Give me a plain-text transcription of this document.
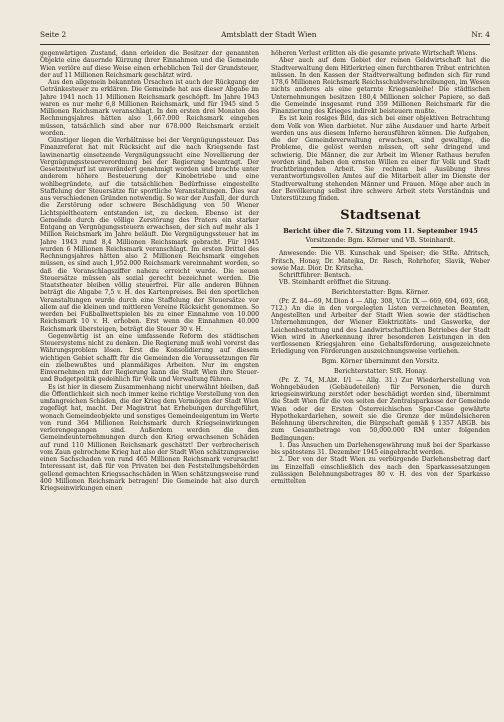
Seite 2	Amtsblatt der Stadt Wien	Nr. 4

gegenwärtigen Zustand, dann erleiden die Besitzer der genannten Objekte eine dauernde Kürzung ihrer Einnahmen und die Gemeinde Wien verlöre auf diese Weise einen erheblichen Teil der Grundsteuer, der auf 11 Millionen Reichsmark geschätzt wird.

Aus den allgemein bekannten Ursachen ist auch der Rückgang der Getränkesteuer zu erklären. Die Gemeinde hat aus dieser Abgabe im Jahre 1941 noch 11 Millionen Reichsmark geschöpft. Im Jahre 1943 waren es nur mehr 6,8 Millionen Reichsmark, und für 1945 sind 5 Millionen Reichsmark veranschlagt. In den ersten drei Monaten des Rechnungsjahres hätten also 1,667.000 Reichsmark eingehen müssen, tatsächlich sind aber nur 678.000 Reichsmark erzielt worden.

Günstiger liegen die Verhältnisse bei der Vergnügungssteuer. Das Finanzreferat hat mit Rücksicht auf die nach Kriegsende fast lawinenartig einsetzende Vergnügungssucht eine Novellierung der Vergnügungssteuerverordnung bei der Regierung beantragt. Der Gesetzentwurf ist unverändert genehmigt worden und brachte unter anderem höhere Besteuerung der Kinobetriebe und eine wohlbegründete, auf die tatsächlichen Bedürfnisse eingestellte Staffelung der Steuersätze für sportliche Veranstaltungen. Dies war aus verschiedenen Gründen notwendig. So war der Ausfall, der durch die Zerstörung oder schwere Beschädigung von 50 Wiener Lichtspieltheatern entstanden ist, zu decken. Ebenso ist der Gemeinde durch die völlige Zerstörung des Praters ein starker Entgang an Vergnügungssteuern erwachsen, der sich auf mehr als 1 Million Reichsmark im Jahre beläuft. Die Vergnügungssteuer hat im Jahre 1943 rund 8,4 Millionen Reichsmark gebracht. Für 1945 wurden 6 Millionen Reichsmark veranschlagt. Im ersten Drittel des Rechnungsjahres hätten also 2 Millionen Reichsmark eingehen müssen, es sind auch 1,952.000 Reichsmark vereinnahmt worden, so daß die Voranschlagsziffer nahezu erreicht wurde. Die neuen Steuersätze müssen als sozial gerecht bezeichnet werden. Die Staatstheater bleiben völlig steuerfrei. Für alle anderen Bühnen beträgt die Abgabe 7,5 v. H. des Kartenpreises. Bei den sportlichen Veranstaltungen wurde durch eine Staffelung der Steuersätze vor allem auf die kleinen und mittleren Vereine Rücksicht genommen. So werden bei Fußballwettspielen bis zu einer Einnahme von 10.000 Reichsmark 10 v. H. erhoben. Erst wenn die Einnahmen 40.000 Reichsmark übersteigen, beträgt die Steuer 30 v. H.

Gegenwärtig ist an eine umfassende Reform des städtischen Steuersystems nicht zu denken. Die Regierung muß wohl vorerst das Währungsproblem lösen. Erst die Konsolidierung auf diesem wichtigen Gebiet schafft für die Gemeinden die Voraussetzungen für ein zielbewußtes und planmäßiges Arbeiten. Nur im engsten Einvernehmen mit der Regierung kann die Stadt Wien ihre Steuer- und Budgetpolitik gedeihlich für Volk und Verwaltung führen.

Es ist hier in diesem Zusammenhang nicht unerwähnt bleiben, daß die Öffentlichkeit sich noch immer keine richtige Vorstellung von den umfangreichen Schäden, die der Krieg dem Vermögen der Stadt Wien zugefügt hat, macht. Der Magistrat hat Erhebungen durchgeführt, wonach Gemeindeobjekte und sonstiges Gemeindeeigentum im Werte von rund 364 Millionen Reichsmark durch Kriegseinwirkungen verlorengegangen sind. Außerdem werden die den Gemeindeunternehmungen durch den Krieg erwachsenen Schäden auf rund 110 Millionen Reichsmark geschätzt! Der verbrecherisch vom Zaun gebrochene Krieg hat also der Stadt Wien schätzungsweise einen Sachschaden von rund 465 Millionen Reichsmark verursacht! Interessant ist, daß für von Privaten bei den Feststellungsbehörden gellend gemachten Kriegssachschäden in Wien schätzungsweise rund 400 Millionen Reichsmark betragen! Die Gemeinde hat also durch Kriegseinwirkungen einen

höheren Verlust erlitten als die gesamte private Wirtschaft Wiens.

Aber auch auf dem Gebiet der reinen Geldwirtschaft hat die Stadtverwaltung dem Hitlerkrieg einen furchtbaren Tribut entrichten müssen. In den Kassen der Stadtverwaltung befinden sich für rund 178,6 Millionen Reichsmark Reichsschuldverschreibungen, im Wesen nichts anderes als eine getarnte Kriegsanleihe! Die städtischen Unternehmungen besitzen 180,4 Millionen solcher Papiere, so daß die Gemeinde insgesamt rund 359 Millionen Reichsmark für die Finanzierung des Krieges indirekt beisteuern mußte.

Es ist kein rosiges Bild, das sich bei einer objektiven Betrachtung dem Volk von Wien darbietet. Nur zähe Ausdauer und harte Arbeit werden uns aus diesem Inferno herausführen können. Die Aufgaben, die der Gemeindeverwaltung erwachsen, sind gewaltige, die Probleme, die gelöst werden müssen, oft sehr dringend und schwierig. Die Männer, die zur Arbeit im Wiener Rathaus berufen worden sind, haben den ernsten Willen zu einer für Volk und Stadt fruchtbringenden Arbeit. Sie rechnen bei Ausübung ihres verantwortungsvollen Amtes auf die Mitarbeit aller im Dienste der Stadtverwaltung stehenden Männer und Frauen. Möge aber auch in der Bevölkerung selbst ihre schwere Arbeit stets Verständnis und Unterstützung finden.

Stadtsenat
Bericht über die 7. Sitzung vom 11. September 1945
Vorsitzende: Bgm. Körner und VB. Steinhardt.

Anwesende: Die VB. Kunschak und Speiser; die StRe. Afritsch, Fritsch, Honay, Dr. Matejka, Dr. Resch, Rohrhofer, Slavik, Weber sowie Maz. Dior. Dr. Kritscha.

Schriftführer: Bentsch.

VB. Steinhardt eröffnet die Sitzung.

Berichterstatter: Bgm. Körner.

(Pr. Z. 84—69, M.Dion 4 — Allg. 308, V.Gr. IX — 669, 694, 693, 668, 712.) An die in den vorgelegten Listen verzeichneten Beamten, Angestellten und Arbeiter der Stadt Wien sowie der städtischen Unternehmungen, der Wiener Elektrizitäts- und Gaswerke, der Leichenbestattung und des Landwirtschaftlichen Betriebes der Stadt Wien wird in Anerkennung ihrer besonderen Leistungen in den verflossenen Kriegsjahren eine Gehaltsförderung, ausgezeichnete Erledigung von Förderungen auszeichnungsweise verliehen.

Bgm. Körner übernimmt den Vorsitz.
Berichterstatter: StR. Honay.

(Pr. Z. 74, M.Abt. I/1 — Allg. 31.) Zur Wiederherstellung von Wohngebäuden (Gebäudeteilen) für Personen, die durch kriegseinwirkung zerstört oder beschädigt worden sind, übernimmt die Stadt Wien für die von seiten der Zentralsparkasse der Gemeinde Wien oder der Ersten Österreichischen Spar-Casse gewährte Hypothekardarlehen, soweit sie die Grenze der mündelsicheren Belehnung überschreiten, die Bürgschaft gemäß § 1357 ABGB. bis zum Gesamtbetrage von 50,000.000 RM unter folgenden Bedingungen:

1. Das Ansuchen um Darlehensgewährung muß bei der Sparkasse bis spätestens 31. Dezember 1945 eingebracht werden.

2. Der von der Stadt Wien zu verbürgende Darlehensbetrag darf im Einzelfall einschließlich des nach den Sparkassesatzungen zulässigen Belehnungsbetrages 80 v. H. des von der Sparkasse ermittelten
